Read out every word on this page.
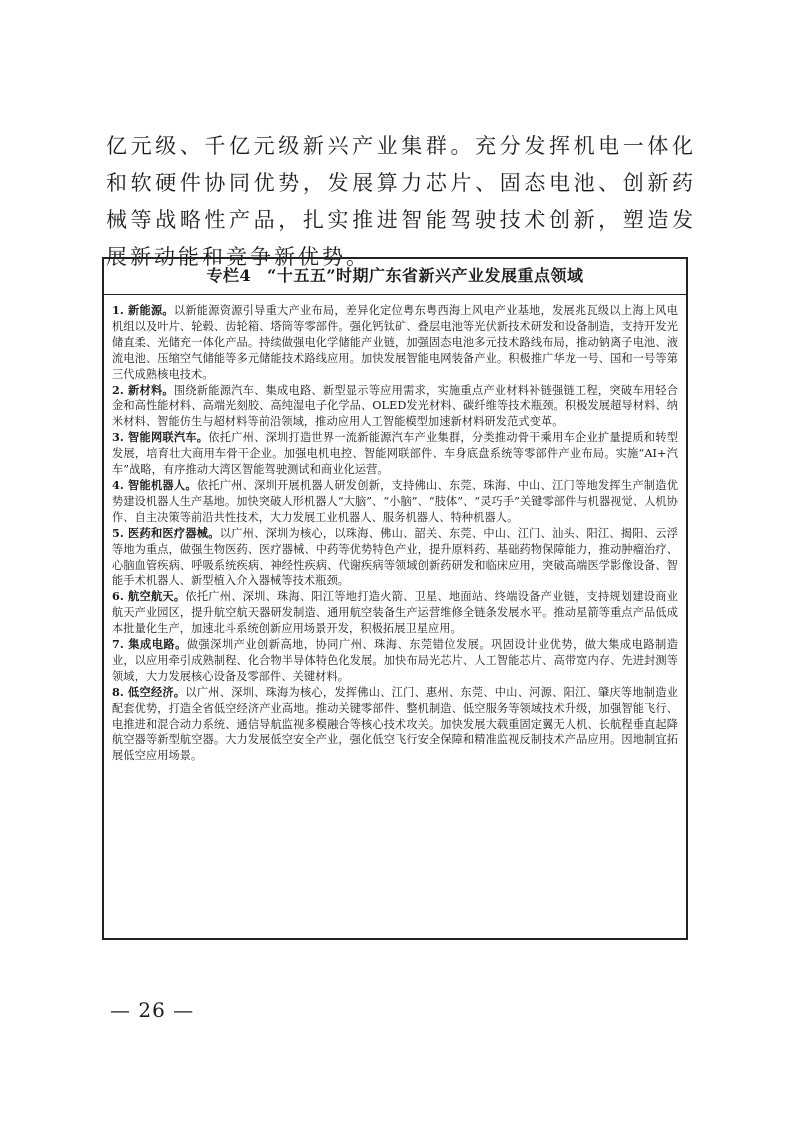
亿元级、千亿元级新兴产业集群。充分发挥机电一体化和软硬件协同优势，发展算力芯片、固态电池、创新药械等战略性产品，扎实推进智能驾驶技术创新，塑造发展新动能和竞争新优势。

专栏4 “十五五”时期广东省新兴产业发展重点领域

1. 新能源。以新能源资源引导重大产业布局，差异化定位粤东粤西海上风电产业基地，发展兆瓦级以上海上风电机组以及叶片、轮毂、齿轮箱、塔筒等零部件。强化钙钛矿、叠层电池等光伏新技术研发和设备制造，支持开发光储直柔、光储充一体化产品。持续做强电化学储能产业链，加强固态电池多元技术路线布局，推动钠离子电池、液流电池、压缩空气储能等多元储能技术路线应用。加快发展智能电网装备产业。积极推广华龙一号、国和一号等第三代成熟核电技术。

2. 新材料。围绕新能源汽车、集成电路、新型显示等应用需求，实施重点产业材料补链强链工程，突破车用轻合金和高性能材料、高端光刻胶、高纯湿电子化学品、OLED发光材料、碳纤维等技术瓶颈。积极发展超导材料、纳米材料、智能仿生与超材料等前沿领域，推动应用人工智能模型加速新材料研发范式变革。

3. 智能网联汽车。依托广州、深圳打造世界一流新能源汽车产业集群，分类推动骨干乘用车企业扩量提质和转型发展，培育壮大商用车骨干企业。加强电机电控、智能网联部件、车身底盘系统等零部件产业布局。实施“AI+汽车”战略，有序推动大湾区智能驾驶测试和商业化运营。

4. 智能机器人。依托广州、深圳开展机器人研发创新，支持佛山、东莞、珠海、中山、江门等地发挥生产制造优势建设机器人生产基地。加快突破人形机器人“大脑”、“小脑”、“肢体”、“灵巧手”关键零部件与机器视觉、人机协作、自主决策等前沿共性技术，大力发展工业机器人、服务机器人、特种机器人。

5. 医药和医疗器械。以广州、深圳为核心，以珠海、佛山、韶关、东莞、中山、江门、汕头、阳江、揭阳、云浮等地为重点，做强生物医药、医疗器械、中药等优势特色产业，提升原料药、基础药物保障能力，推动肿瘤治疗、心脑血管疾病、呼吸系统疾病、神经性疾病、代谢疾病等领域创新药研发和临床应用，突破高端医学影像设备、智能手术机器人、新型植入介入器械等技术瓶颈。

6. 航空航天。依托广州、深圳、珠海、阳江等地打造火箭、卫星、地面站、终端设备产业链，支持规划建设商业航天产业园区，提升航空航天器研发制造、通用航空装备生产运营维修全链条发展水平。推动星箭等重点产品低成本批量化生产，加速北斗系统创新应用场景开发，积极拓展卫星应用。

7. 集成电路。做强深圳产业创新高地，协同广州、珠海、东莞错位发展。巩固设计业优势，做大集成电路制造业，以应用牵引成熟制程、化合物半导体特色化发展。加快布局光芯片、人工智能芯片、高带宽内存、先进封测等领域，大力发展核心设备及零部件、关键材料。

8. 低空经济。以广州、深圳、珠海为核心，发挥佛山、江门、惠州、东莞、中山、河源、阳江、肇庆等地制造业配套优势，打造全省低空经济产业高地。推动关键零部件、整机制造、低空服务等领域技术升级，加强智能飞行、电推进和混合动力系统、通信导航监视多模融合等核心技术攻关。加快发展大载重固定翼无人机、长航程垂直起降航空器等新型航空器。大力发展低空安全产业，强化低空飞行安全保障和精准监视反制技术产品应用。因地制宜拓展低空应用场景。

— 26 —
